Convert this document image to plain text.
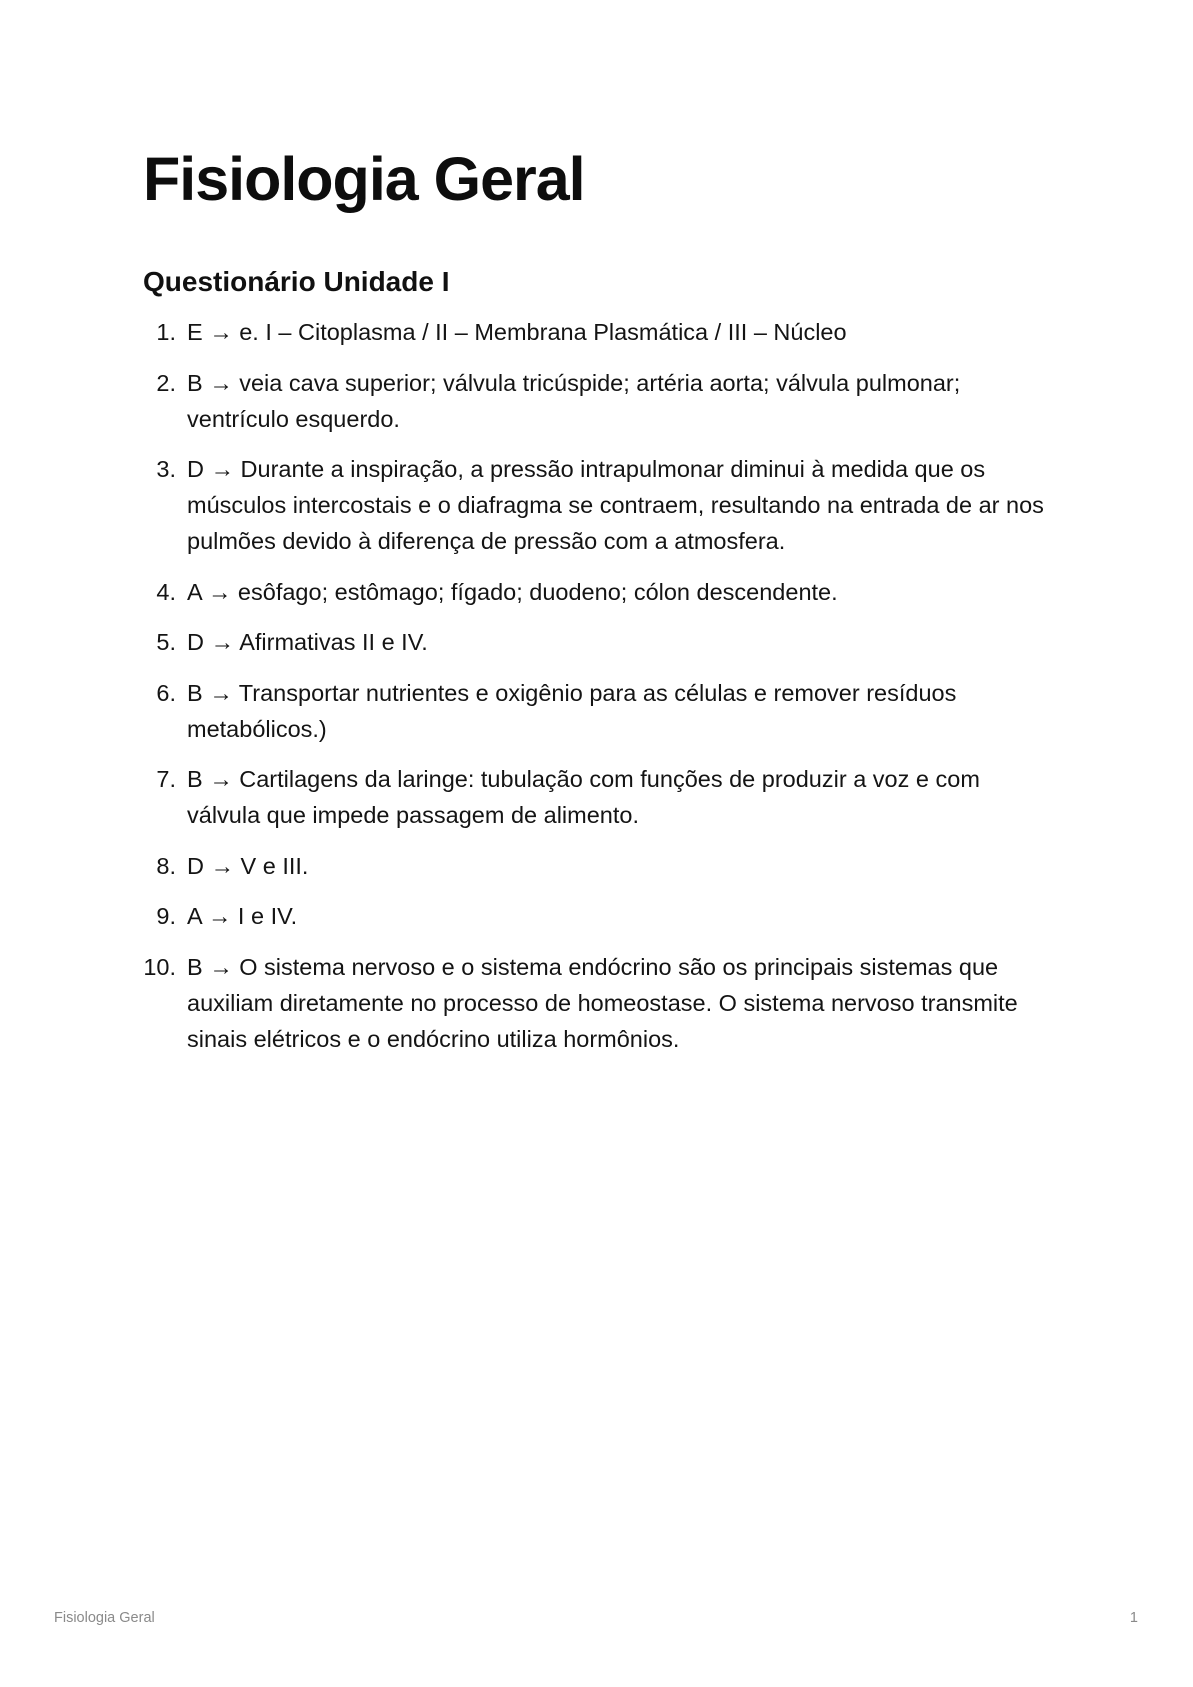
Fisiologia Geral
Questionário Unidade I
1. E → e. I – Citoplasma / II – Membrana Plasmática / III – Núcleo
2. B → veia cava superior; válvula tricúspide; artéria aorta; válvula pulmonar; ventrículo esquerdo.
3. D → Durante a inspiração, a pressão intrapulmonar diminui à medida que os músculos intercostais e o diafragma se contraem, resultando na entrada de ar nos pulmões devido à diferença de pressão com a atmosfera.
4. A → esôfago; estômago; fígado; duodeno; cólon descendente.
5. D → Afirmativas II e IV.
6. B → Transportar nutrientes e oxigênio para as células e remover resíduos metabólicos.)
7. B → Cartilagens da laringe: tubulação com funções de produzir a voz e com válvula que impede passagem de alimento.
8. D → V e III.
9. A → I e IV.
10. B → O sistema nervoso e o sistema endócrino são os principais sistemas que auxiliam diretamente no processo de homeostase. O sistema nervoso transmite sinais elétricos e o endócrino utiliza hormônios.
Fisiologia Geral	1
